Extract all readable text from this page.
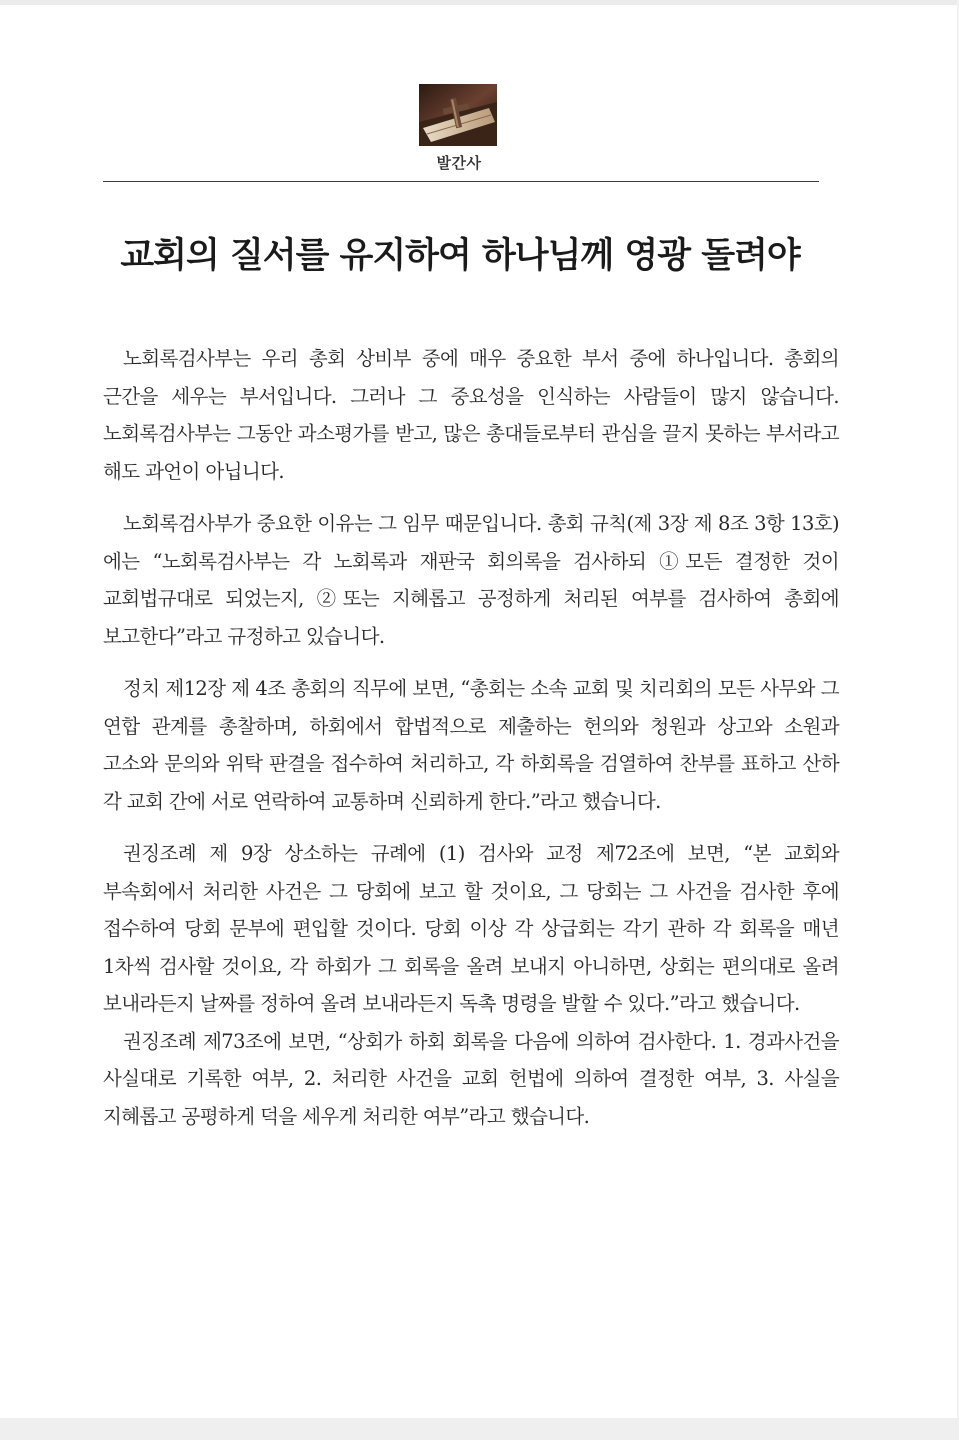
발간사
교회의 질서를 유지하여 하나님께 영광 돌려야

노회록검사부는 우리 총회 상비부 중에 매우 중요한 부서 중에 하나입니다. 총회의 근간을 세우는 부서입니다. 그러나 그 중요성을 인식하는 사람들이 많지 않습니다. 노회록검사부는 그동안 과소평가를 받고, 많은 총대들로부터 관심을 끌지 못하는 부서라고 해도 과언이 아닙니다.

노회록검사부가 중요한 이유는 그 임무 때문입니다. 총회 규칙(제 3장 제 8조 3항 13호)에는 “노회록검사부는 각 노회록과 재판국 회의록을 검사하되 ①모든 결정한 것이 교회법규대로 되었는지, ②또는 지혜롭고 공정하게 처리된 여부를 검사하여 총회에 보고한다”라고 규정하고 있습니다.

정치 제12장 제 4조 총회의 직무에 보면, “총회는 소속 교회 및 치리회의 모든 사무와 그 연합 관계를 총찰하며, 하회에서 합법적으로 제출하는 헌의와 청원과 상고와 소원과 고소와 문의와 위탁 판결을 접수하여 처리하고, 각 하회록을 검열하여 찬부를 표하고 산하 각 교회 간에 서로 연락하여 교통하며 신뢰하게 한다.”라고 했습니다.

권징조례 제 9장 상소하는 규례에 (1) 검사와 교정 제72조에 보면, “본 교회와 부속회에서 처리한 사건은 그 당회에 보고 할 것이요, 그 당회는 그 사건을 검사한 후에 접수하여 당회 문부에 편입할 것이다. 당회 이상 각 상급회는 각기 관하 각 회록을 매년 1차씩 검사할 것이요, 각 하회가 그 회록을 올려 보내지 아니하면, 상회는 편의대로 올려 보내라든지 날짜를 정하여 올려 보내라든지 독촉 명령을 발할 수 있다.”라고 했습니다.

권징조례 제73조에 보면, “상회가 하회 회록을 다음에 의하여 검사한다. 1. 경과사건을 사실대로 기록한 여부, 2. 처리한 사건을 교회 헌법에 의하여 결정한 여부, 3. 사실을 지혜롭고 공평하게 덕을 세우게 처리한 여부”라고 했습니다.
